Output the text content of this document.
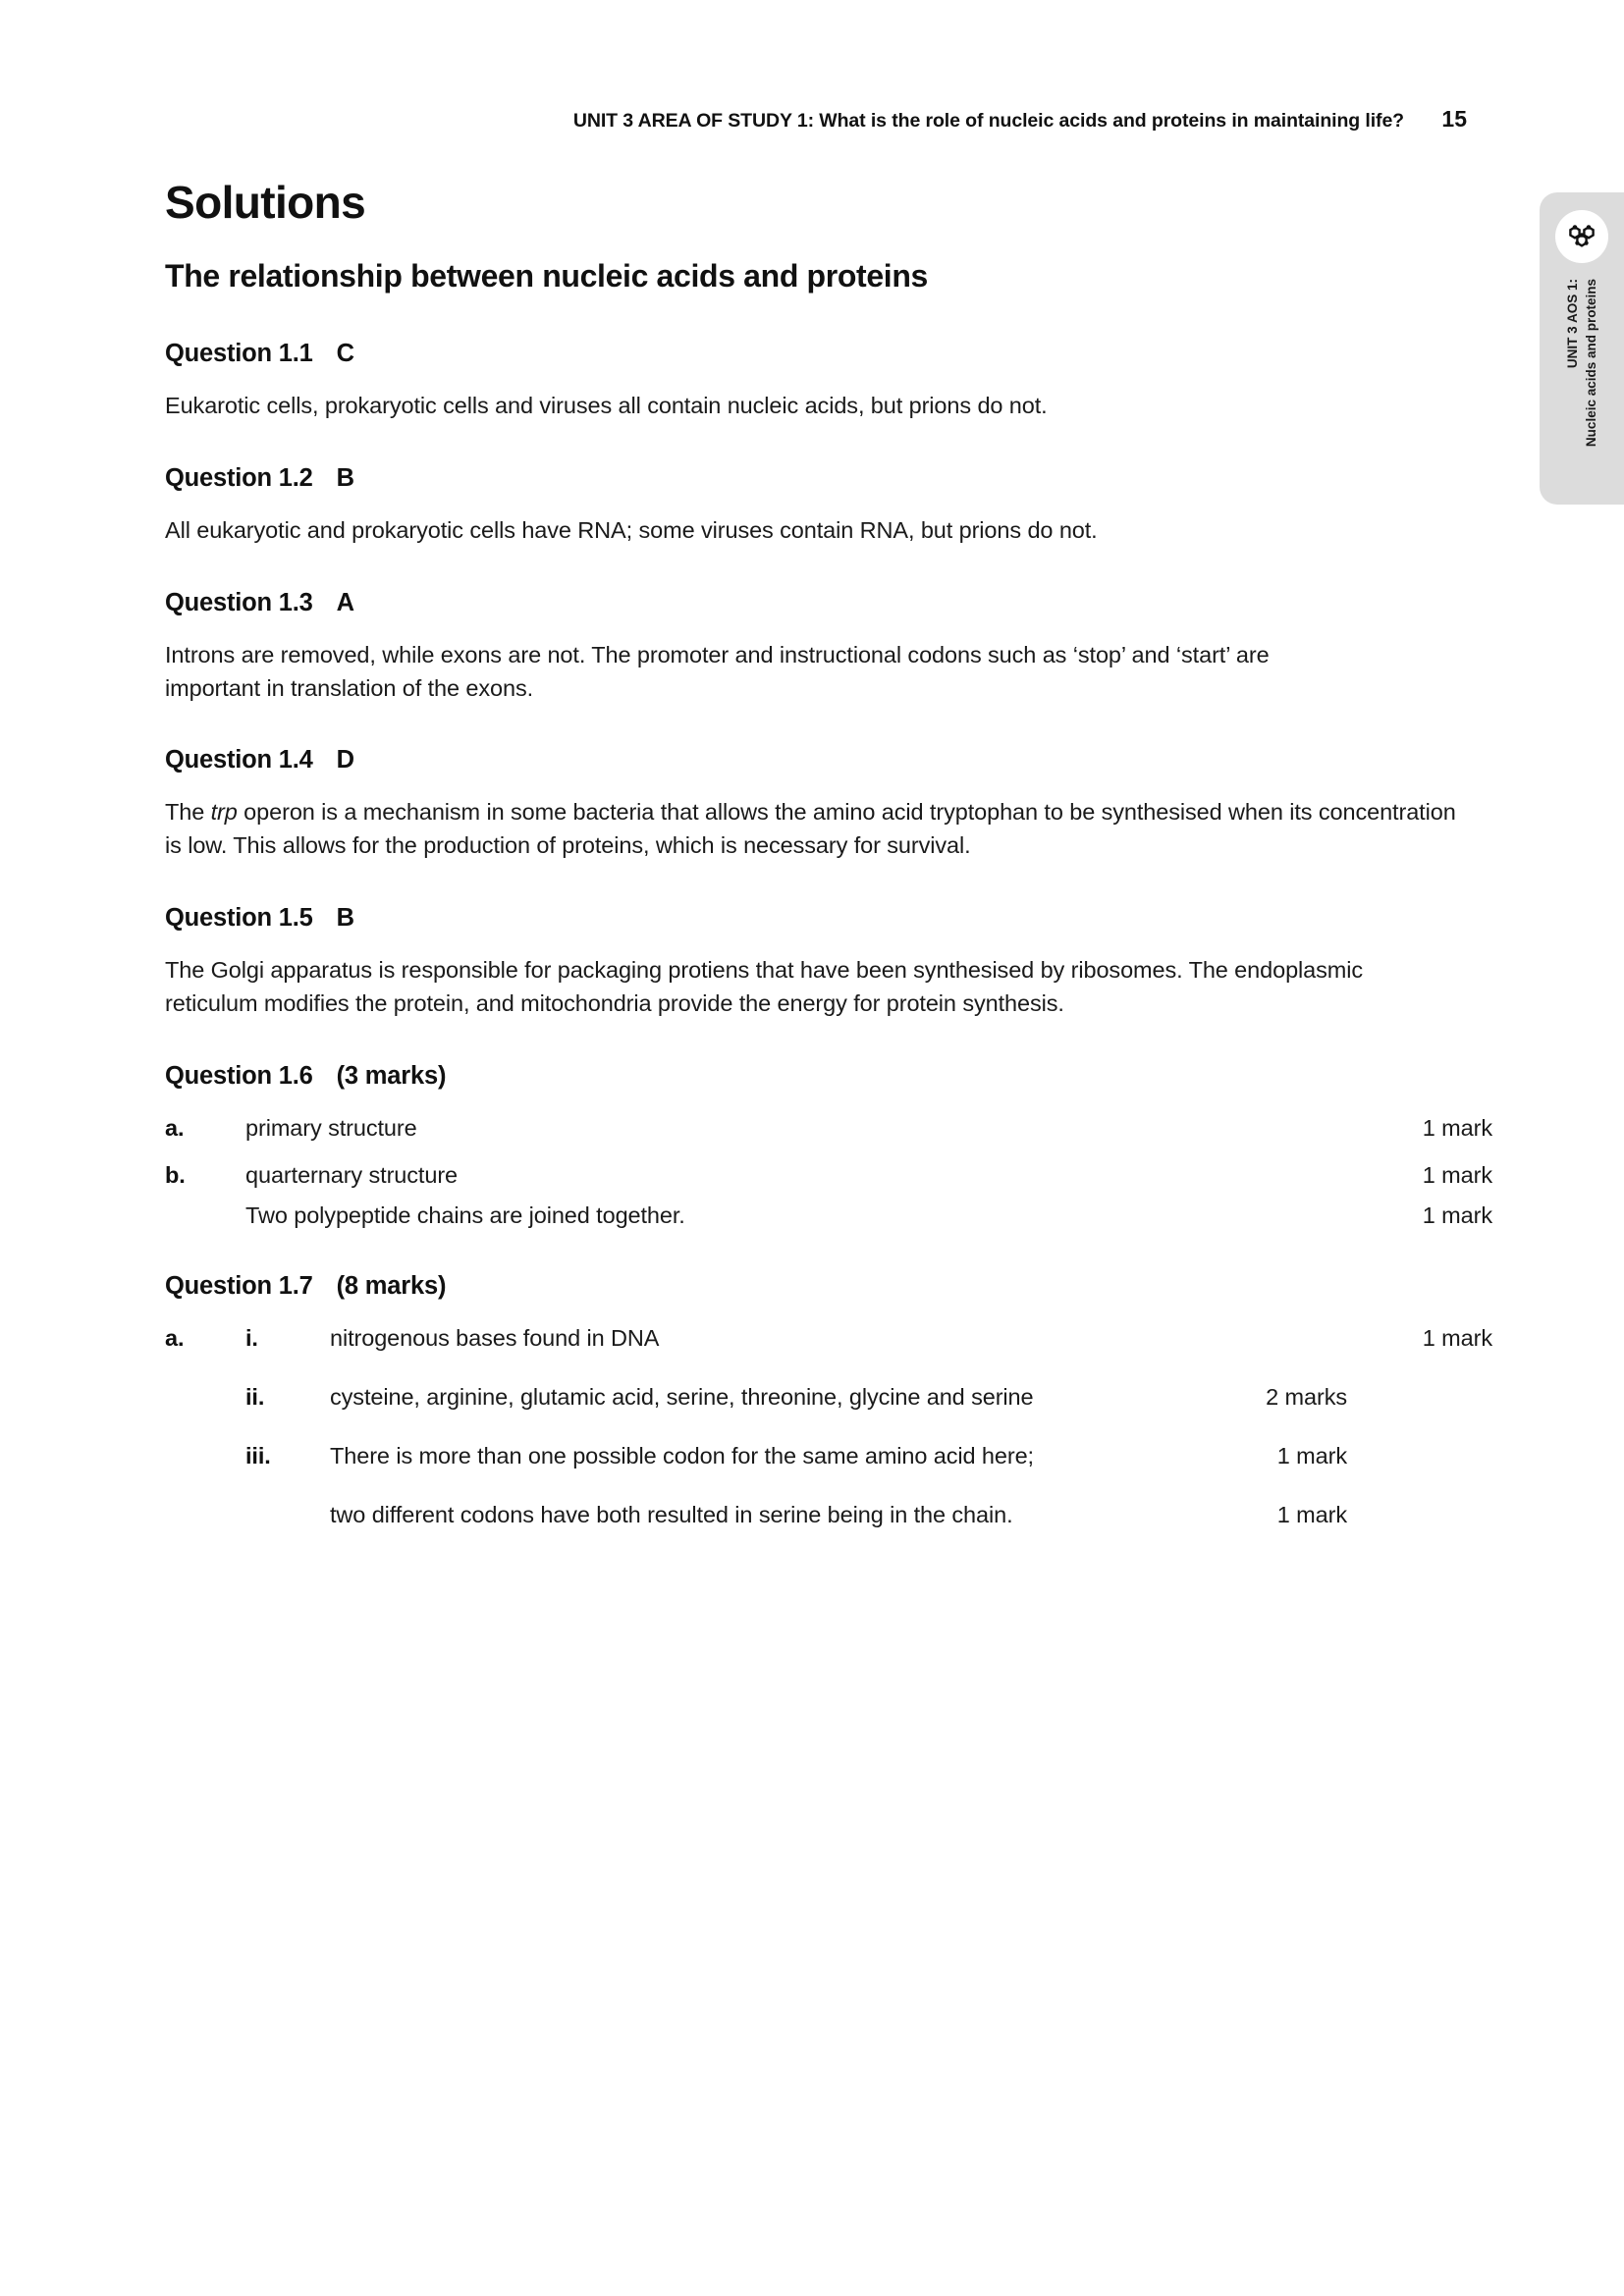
UNIT 3 AREA OF STUDY 1: What is the role of nucleic acids and proteins in maintaining life? 15
UNIT 3 AOS 1: Nucleic acids and proteins
Solutions
The relationship between nucleic acids and proteins
Question 1.1 C

Eukarotic cells, prokaryotic cells and viruses all contain nucleic acids, but prions do not.

Question 1.2 B

All eukaryotic and prokaryotic cells have RNA; some viruses contain RNA, but prions do not.

Question 1.3 A

Introns are removed, while exons are not. The promoter and instructional codons such as ‘stop’ and ‘start’ are important in translation of the exons.

Question 1.4 D

The trp operon is a mechanism in some bacteria that allows the amino acid tryptophan to be synthesised when its concentration is low. This allows for the production of proteins, which is necessary for survival.

Question 1.5 B

The Golgi apparatus is responsible for packaging protiens that have been synthesised by ribosomes. The endoplasmic reticulum modifies the protein, and mitochondria provide the energy for protein synthesis.

Question 1.6 (3 marks)
a.	primary structure	1 mark
b.	quarternary structure	1 mark
Two polypeptide chains are joined together.	1 mark
Question 1.7 (8 marks)
a.	i.	nitrogenous bases found in DNA	1 mark
ii.	cysteine, arginine, glutamic acid, serine, threonine, glycine and serine	2 marks
iii.	There is more than one possible codon for the same amino acid here;	1 mark
two different codons have both resulted in serine being in the chain.	1 mark
